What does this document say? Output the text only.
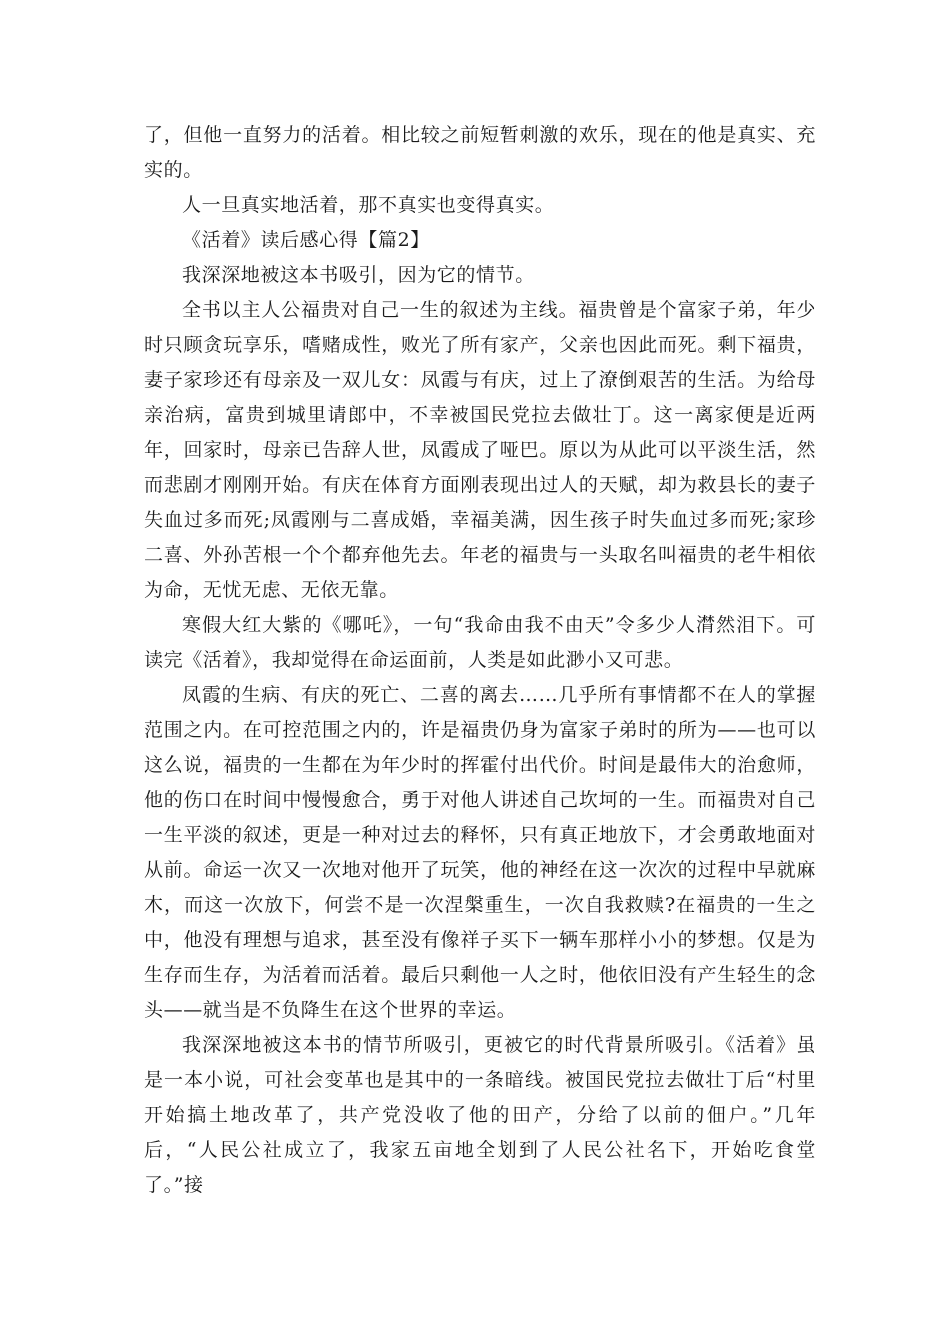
了，但他一直努力的活着。相比较之前短暂刺激的欢乐，现在的他是真实、充实的。

人一旦真实地活着，那不真实也变得真实。

《活着》读后感心得【篇2】

我深深地被这本书吸引，因为它的情节。

全书以主人公福贵对自己一生的叙述为主线。福贵曾是个富家子弟，年少时只顾贪玩享乐，嗜赌成性，败光了所有家产，父亲也因此而死。剩下福贵，妻子家珍还有母亲及一双儿女：凤霞与有庆，过上了潦倒艰苦的生活。为给母亲治病，富贵到城里请郎中，不幸被国民党拉去做壮丁。这一离家便是近两年，回家时，母亲已告辞人世，凤霞成了哑巴。原以为从此可以平淡生活，然而悲剧才刚刚开始。有庆在体育方面刚表现出过人的天赋，却为救县长的妻子失血过多而死;凤霞刚与二喜成婚，幸福美满，因生孩子时失血过多而死;家珍二喜、外孙苦根一个个都弃他先去。年老的福贵与一头取名叫福贵的老牛相依为命，无忧无虑、无依无靠。

寒假大红大紫的《哪吒》，一句“我命由我不由天”令多少人潸然泪下。可读完《活着》，我却觉得在命运面前，人类是如此渺小又可悲。

凤霞的生病、有庆的死亡、二喜的离去……几乎所有事情都不在人的掌握范围之内。在可控范围之内的，许是福贵仍身为富家子弟时的所为——也可以这么说，福贵的一生都在为年少时的挥霍付出代价。时间是最伟大的治愈师，他的伤口在时间中慢慢愈合，勇于对他人讲述自己坎坷的一生。而福贵对自己一生平淡的叙述，更是一种对过去的释怀，只有真正地放下，才会勇敢地面对从前。命运一次又一次地对他开了玩笑，他的神经在这一次次的过程中早就麻木，而这一次放下，何尝不是一次涅槃重生，一次自我救赎?在福贵的一生之中，他没有理想与追求，甚至没有像祥子买下一辆车那样小小的梦想。仅是为生存而生存，为活着而活着。最后只剩他一人之时，他依旧没有产生轻生的念头——就当是不负降生在这个世界的幸运。

我深深地被这本书的情节所吸引，更被它的时代背景所吸引。《活着》虽是一本小说，可社会变革也是其中的一条暗线。被国民党拉去做壮丁后“村里开始搞土地改革了，共产党没收了他的田产，分给了以前的佃户。”几年后，“人民公社成立了，我家五亩地全划到了人民公社名下，开始吃食堂了。”接
